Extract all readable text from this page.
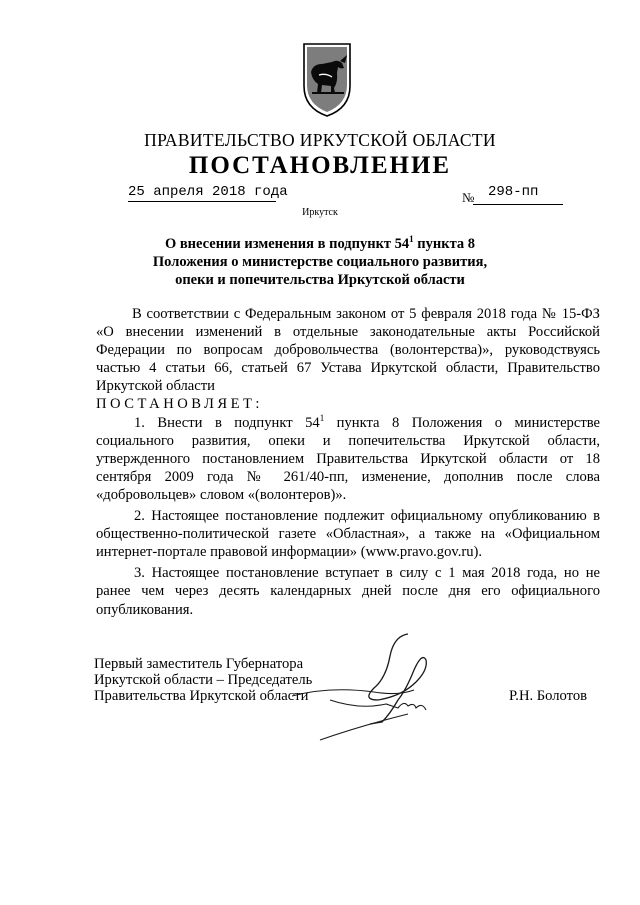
ПРАВИТЕЛЬСТВО ИРКУТСКОЙ ОБЛАСТИ
ПОСТАНОВЛЕНИЕ
25 апреля 2018 года	№ 298-пп
Иркутск
О внесении изменения в подпункт $54^1$ пункта 8
Положения о министерстве социального развития,
опеки и попечительства Иркутской области

В соответствии с Федеральным законом от 5 февраля 2018 года № 15-ФЗ «О внесении изменений в отдельные законодательные акты Российской Федерации по вопросам добровольчества (волонтерства)», руководствуясь частью 4 статьи 66, статьей 67 Устава Иркутской области, Правительство Иркутской области

ПОСТАНОВЛЯЕТ:

1. Внести в подпункт $54^1$ пункта 8 Положения о министерстве социального развития, опеки и попечительства Иркутской области, утвержденного постановлением Правительства Иркутской области от 18 сентября 2009 года № 261/40-пп, изменение, дополнив после слова «добровольцев» словом «(волонтеров)».

2. Настоящее постановление подлежит официальному опубликованию в общественно-политической газете «Областная», а также на «Официальном интернет-портале правовой информации» (www.pravo.gov.ru).

3. Настоящее постановление вступает в силу с 1 мая 2018 года, но не ранее чем через десять календарных дней после дня его официального опубликования.

Первый заместитель Губернатора
Иркутской области – Председатель
Правительства Иркутской области	Р.Н. Болотов
